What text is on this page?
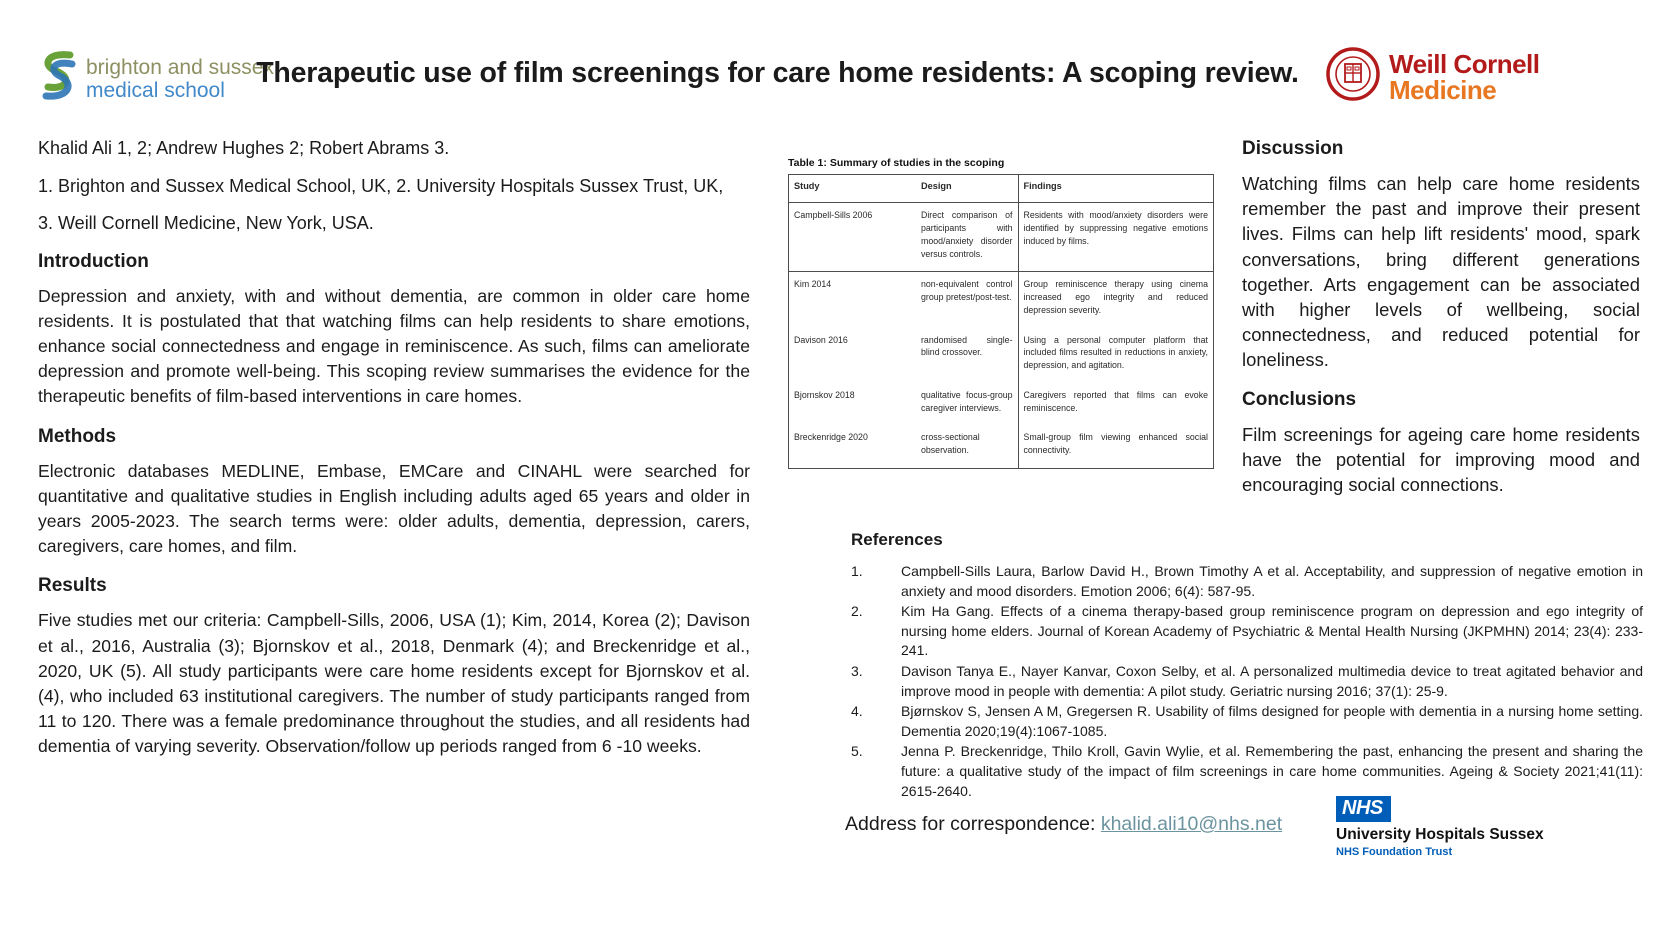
brighton and sussex
medical school
Therapeutic use of film screenings for care home residents: A scoping review.	Weill Cornell
Medicine
Khalid Ali 1, 2; Andrew Hughes 2; Robert Abrams 3.
1. Brighton and Sussex Medical School, UK, 2. University Hospitals Sussex Trust, UK,
3. Weill Cornell Medicine, New York, USA.
Introduction
Depression and anxiety, with and without dementia, are common in older care home residents. It is postulated that that watching films can help residents to share emotions, enhance social connectedness and engage in reminiscence. As such, films can ameliorate depression and promote well-being. This scoping review summarises the evidence for the therapeutic benefits of film-based interventions in care homes.
Methods
Electronic databases MEDLINE, Embase, EMCare and CINAHL were searched for quantitative and qualitative studies in English including adults aged 65 years and older in years 2005-2023. The search terms were: older adults, dementia, depression, carers, caregivers, care homes, and film.
Results
Five studies met our criteria: Campbell-Sills, 2006, USA (1); Kim, 2014, Korea (2); Davison et al., 2016, Australia (3); Bjornskov et al., 2018, Denmark (4); and Breckenridge et al., 2020, UK (5). All study participants were care home residents except for Bjornskov et al. (4), who included 63 institutional caregivers. The number of study participants ranged from 11 to 120. There was a female predominance throughout the studies, and all residents had dementia of varying severity. Observation/follow up periods ranged from 6 -10 weeks.
Table 1: Summary of studies in the scoping
Study	Design	Findings
Campbell-Sills 2006	Direct comparison of participants with mood/anxiety disorder versus controls.	Residents with mood/anxiety disorders were identified by suppressing negative emotions induced by films.
Kim 2014	non-equivalent control group pretest/post-test.	Group reminiscence therapy using cinema increased ego integrity and reduced depression severity.
Davison 2016	randomised single-blind crossover.	Using a personal computer platform that included films resulted in reductions in anxiety, depression, and agitation.
Bjornskov 2018	qualitative focus-group caregiver interviews.	Caregivers reported that films can evoke reminiscence.
Breckenridge 2020	cross-sectional observation.	Small-group film viewing enhanced social connectivity.
Discussion
Watching films can help care home residents remember the past and improve their present lives. Films can help lift residents' mood, spark conversations, bring different generations together. Arts engagement can be associated with higher levels of wellbeing, social connectedness, and reduced potential for loneliness.
Conclusions
Film screenings for ageing care home residents have the potential for improving mood and encouraging social connections.
References
1.	Campbell-Sills Laura, Barlow David H., Brown Timothy A et al. Acceptability, and suppression of negative emotion in anxiety and mood disorders. Emotion 2006; 6(4): 587-95.
2.	Kim Ha Gang. Effects of a cinema therapy-based group reminiscence program on depression and ego integrity of nursing home elders. Journal of Korean Academy of Psychiatric & Mental Health Nursing (JKPMHN) 2014; 23(4): 233-241.
3.	Davison Tanya E., Nayer Kanvar, Coxon Selby, et al. A personalized multimedia device to treat agitated behavior and improve mood in people with dementia: A pilot study. Geriatric nursing 2016; 37(1): 25-9.
4.	Bjørnskov S, Jensen A M, Gregersen R. Usability of films designed for people with dementia in a nursing home setting. Dementia 2020;19(4):1067-1085.
5.	Jenna P. Breckenridge, Thilo Kroll, Gavin Wylie, et al. Remembering the past, enhancing the present and sharing the future: a qualitative study of the impact of film screenings in care home communities. Ageing & Society 2021;41(11): 2615-2640.
Address for correspondence: khalid.ali10@nhs.net
NHS
University Hospitals Sussex
NHS Foundation Trust
